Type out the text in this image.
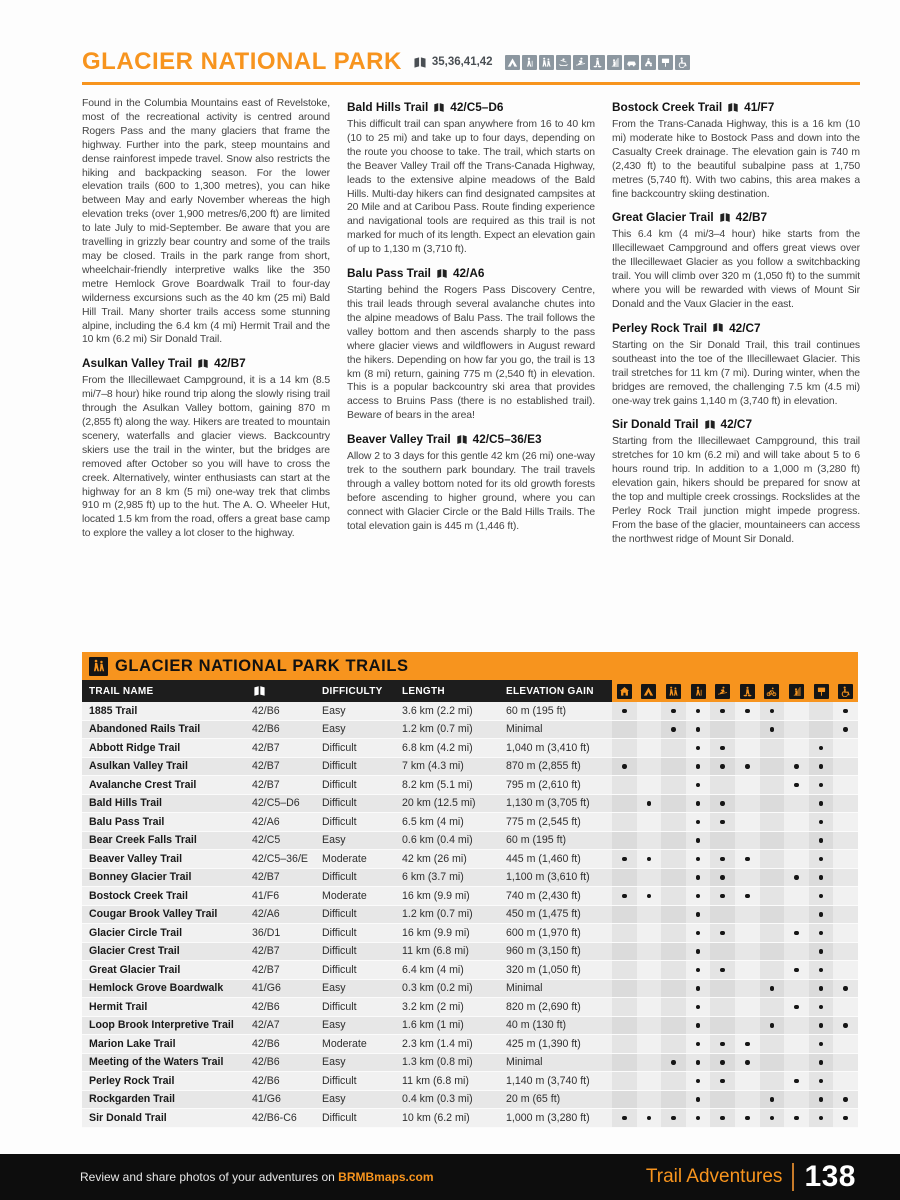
GLACIER NATIONAL PARK	35,36,41,42

Found in the Columbia Mountains east of Revelstoke, most of the recreational activity is centred around Rogers Pass and the many glaciers that frame the highway. Further into the park, steep mountains and dense rainforest impede travel. Snow also restricts the hiking and backpacking season. For the lower elevation trails (600 to 1,300 metres), you can hike between May and early November whereas the high elevation treks (over 1,900 metres/6,200 ft) are limited to late July to mid-September. Be aware that you are travelling in grizzly bear country and some of the trails may be closed. Trails in the park range from short, wheelchair-friendly interpretive walks like the 350 metre Hemlock Grove Boardwalk Trail to four-day wilderness excursions such as the 40 km (25 mi) Bald Hill Trail. Many shorter trails access some stunning alpine, including the 6.4 km (4 mi) Hermit Trail and the 10 km (6.2 mi) Sir Donald Trail.

Asulkan Valley Trail 42/B7

From the Illecillewaet Campground, it is a 14 km (8.5 mi/7–8 hour) hike round trip along the slowly rising trail through the Asulkan Valley bottom, gaining 870 m (2,855 ft) along the way. Hikers are treated to mountain scenery, waterfalls and glacier views. Backcountry skiers use the trail in the winter, but the bridges are removed after October so you will have to cross the creek. Alternatively, winter enthusiasts can start at the highway for an 8 km (5 mi) one-way trek that climbs 910 m (2,985 ft) up to the hut. The A. O. Wheeler Hut, located 1.5 km from the road, offers a great base camp to explore the valley a lot closer to the highway.

Bald Hills Trail 42/C5–D6

This difficult trail can span anywhere from 16 to 40 km (10 to 25 mi) and take up to four days, depending on the route you choose to take. The trail, which starts on the Beaver Valley Trail off the Trans-Canada Highway, leads to the extensive alpine meadows of the Bald Hills. Multi-day hikers can find designated campsites at 20 Mile and at Caribou Pass. Route finding experience and navigational tools are required as this trail is not marked for much of its length. Expect an elevation gain of up to 1,130 m (3,710 ft).

Balu Pass Trail 42/A6

Starting behind the Rogers Pass Discovery Centre, this trail leads through several avalanche chutes into the alpine meadows of Balu Pass. The trail follows the valley bottom and then ascends sharply to the pass where glacier views and wildflowers in August reward the hikers. Depending on how far you go, the trail is 13 km (8 mi) return, gaining 775 m (2,540 ft) in elevation. This is a popular backcountry ski area that provides access to Bruins Pass (there is no established trail). Beware of bears in the area!

Beaver Valley Trail 42/C5–36/E3

Allow 2 to 3 days for this gentle 42 km (26 mi) one-way trek to the southern park boundary. The trail travels through a valley bottom noted for its old growth forests before ascending to higher ground, where you can connect with Glacier Circle or the Bald Hills Trails. The total elevation gain is 445 m (1,446 ft).

Bostock Creek Trail 41/F7

From the Trans-Canada Highway, this is a 16 km (10 mi) moderate hike to Bostock Pass and down into the Casualty Creek drainage. The elevation gain is 740 m (2,430 ft) to the beautiful subalpine pass at 1,750 metres (5,740 ft). With two cabins, this area makes a fine backcountry skiing destination.

Great Glacier Trail 42/B7

This 6.4 km (4 mi/3–4 hour) hike starts from the Illecillewaet Campground and offers great views over the Illecillewaet Glacier as you follow a switchbacking trail. You will climb over 320 m (1,050 ft) to the summit where you will be rewarded with views of Mount Sir Donald and the Vaux Glacier in the east.

Perley Rock Trail 42/C7

Starting on the Sir Donald Trail, this trail continues southeast into the toe of the Illecillewaet Glacier. This trail stretches for 11 km (7 mi). During winter, when the bridges are removed, the challenging 7.5 km (4.5 mi) one-way trek gains 1,140 m (3,740 ft) in elevation.

Sir Donald Trail 42/C7

Starting from the Illecillewaet Campground, this trail stretches for 10 km (6.2 mi) and will take about 5 to 6 hours round trip. In addition to a 1,000 m (3,280 ft) elevation gain, hikers should be prepared for snow at the top and multiple creek crossings. Rockslides at the Perley Rock Trail junction might impede progress. From the base of the glacier, mountaineers can access the northwest ridge of Mount Sir Donald.

GLACIER NATIONAL PARK TRAILS
TRAIL NAME	DIFFICULTY	LENGTH	ELEVATION GAIN
1885 Trail	42/B6	Easy	3.6 km (2.2 mi)	60 m (195 ft)
Abandoned Rails Trail	42/B6	Easy	1.2 km (0.7 mi)	Minimal
Abbott Ridge Trail	42/B7	Difficult	6.8 km (4.2 mi)	1,040 m (3,410 ft)
Asulkan Valley Trail	42/B7	Difficult	7 km (4.3 mi)	870 m (2,855 ft)
Avalanche Crest Trail	42/B7	Difficult	8.2 km (5.1 mi)	795 m (2,610 ft)
Bald Hills Trail	42/C5–D6	Difficult	20 km (12.5 mi)	1,130 m (3,705 ft)
Balu Pass Trail	42/A6	Difficult	6.5 km (4 mi)	775 m (2,545 ft)
Bear Creek Falls Trail	42/C5	Easy	0.6 km (0.4 mi)	60 m (195 ft)
Beaver Valley Trail	42/C5–36/E	Moderate	42 km (26 mi)	445 m (1,460 ft)
Bonney Glacier Trail	42/B7	Difficult	6 km (3.7 mi)	1,100 m (3,610 ft)
Bostock Creek Trail	41/F6	Moderate	16 km (9.9 mi)	740 m (2,430 ft)
Cougar Brook Valley Trail	42/A6	Difficult	1.2 km (0.7 mi)	450 m (1,475 ft)
Glacier Circle Trail	36/D1	Difficult	16 km (9.9 mi)	600 m (1,970 ft)
Glacier Crest Trail	42/B7	Difficult	11 km (6.8 mi)	960 m (3,150 ft)
Great Glacier Trail	42/B7	Difficult	6.4 km (4 mi)	320 m (1,050 ft)
Hemlock Grove Boardwalk	41/G6	Easy	0.3 km (0.2 mi)	Minimal
Hermit Trail	42/B6	Difficult	3.2 km (2 mi)	820 m (2,690 ft)
Loop Brook Interpretive Trail	42/A7	Easy	1.6 km (1 mi)	40 m (130 ft)
Marion Lake Trail	42/B6	Moderate	2.3 km (1.4 mi)	425 m (1,390 ft)
Meeting of the Waters Trail	42/B6	Easy	1.3 km (0.8 mi)	Minimal
Perley Rock Trail	42/B6	Difficult	11 km (6.8 mi)	1,140 m (3,740 ft)
Rockgarden Trail	41/G6	Easy	0.4 km (0.3 mi)	20 m (65 ft)
Sir Donald Trail	42/B6-C6	Difficult	10 km (6.2 mi)	1,000 m (3,280 ft)
Review and share photos of your adventures on BRMBmaps.com	Trail Adventures 138
